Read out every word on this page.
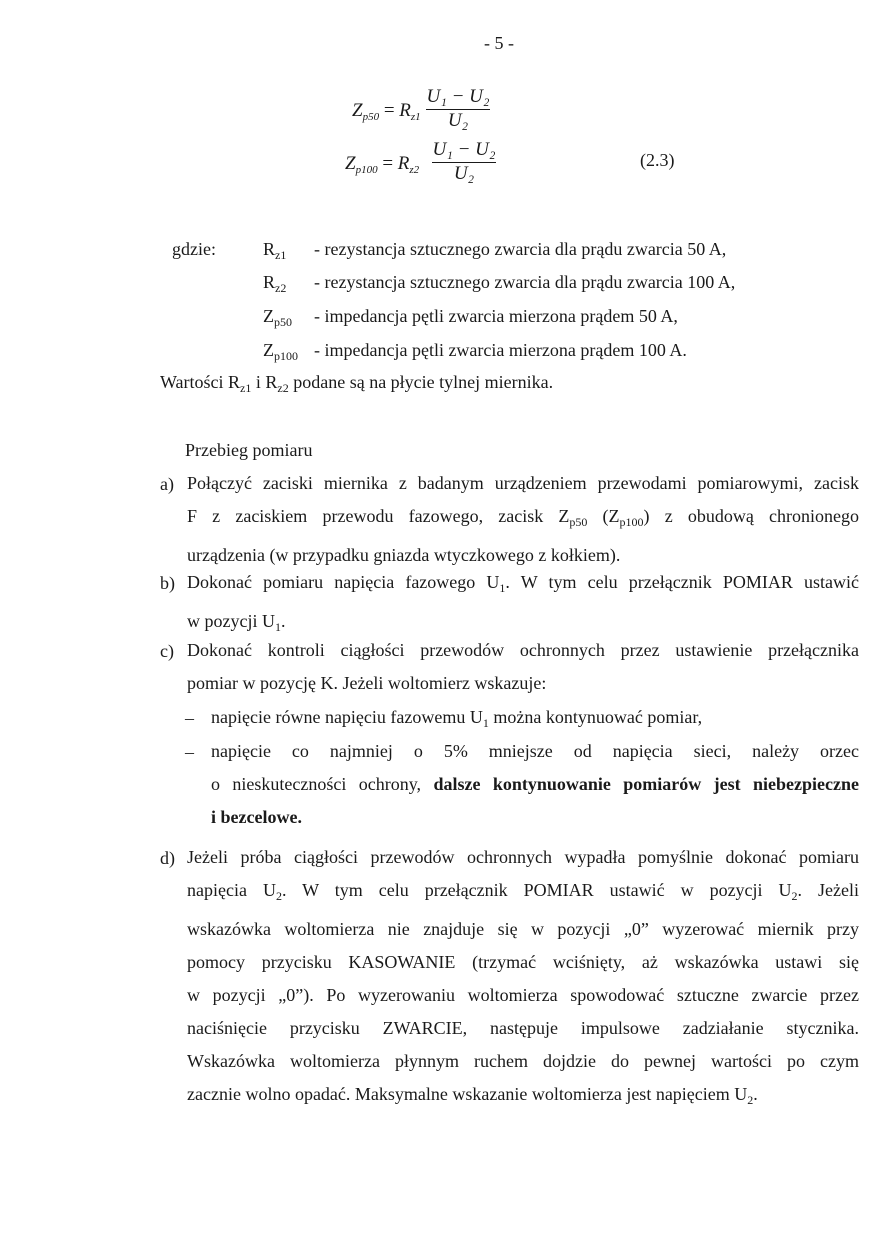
- 5 -
$Z_{p50} = R_{z1}$
U₁ − U₂
U₂
$Z_{p100} = R_{z2}$
U₁ − U₂
U₂
(2.3)
gdzie:	$R_{z1}$ - rezystancja sztucznego zwarcia dla prądu zwarcia 50 A,
$R_{z2}$ - rezystancja sztucznego zwarcia dla prądu zwarcia 100 A,
$Z_{p50}$ - impedancja pętli zwarcia mierzona prądem 50 A,
$Z_{p100}$ - impedancja pętli zwarcia mierzona prądem 100 A.
Wartości $R_{z1}$ i $R_{z2}$ podane są na płycie tylnej miernika.
Przebieg pomiaru
a) Połączyć zaciski miernika z badanym urządzeniem przewodami pomiarowymi, zacisk
F z zaciskiem przewodu fazowego, zacisk $Z_{p50}$ $(Z_{p100})$ z obudową chronionego
urządzenia (w przypadku gniazda wtyczkowego z kołkiem).
b) Dokonać pomiaru napięcia fazowego $U_1$. W tym celu przełącznik POMIAR ustawić
w pozycji $U_1$.
c) Dokonać kontroli ciągłości przewodów ochronnych przez ustawienie przełącznika
pomiar w pozycję K. Jeżeli woltomierz wskazuje:
– napięcie równe napięciu fazowemu $U_1$ można kontynuować pomiar,
– napięcie co najmniej o 5% mniejsze od napięcia sieci, należy orzec
o nieskuteczności ochrony, dalsze kontynuowanie pomiarów jest niebezpieczne
i bezcelowe.
d) Jeżeli próba ciągłości przewodów ochronnych wypadła pomyślnie dokonać pomiaru
napięcia $U_2$. W tym celu przełącznik POMIAR ustawić w pozycji $U_2$. Jeżeli
wskazówka woltomierza nie znajduje się w pozycji „0” wyzerować miernik przy
pomocy przycisku KASOWANIE (trzymać wciśnięty, aż wskazówka ustawi się
w pozycji „0”). Po wyzerowaniu woltomierza spowodować sztuczne zwarcie przez
naciśnięcie przycisku ZWARCIE, następuje impulsowe zadziałanie stycznika.
Wskazówka woltomierza płynnym ruchem dojdzie do pewnej wartości po czym
zacznie wolno opadać. Maksymalne wskazanie woltomierza jest napięciem $U_2$.
